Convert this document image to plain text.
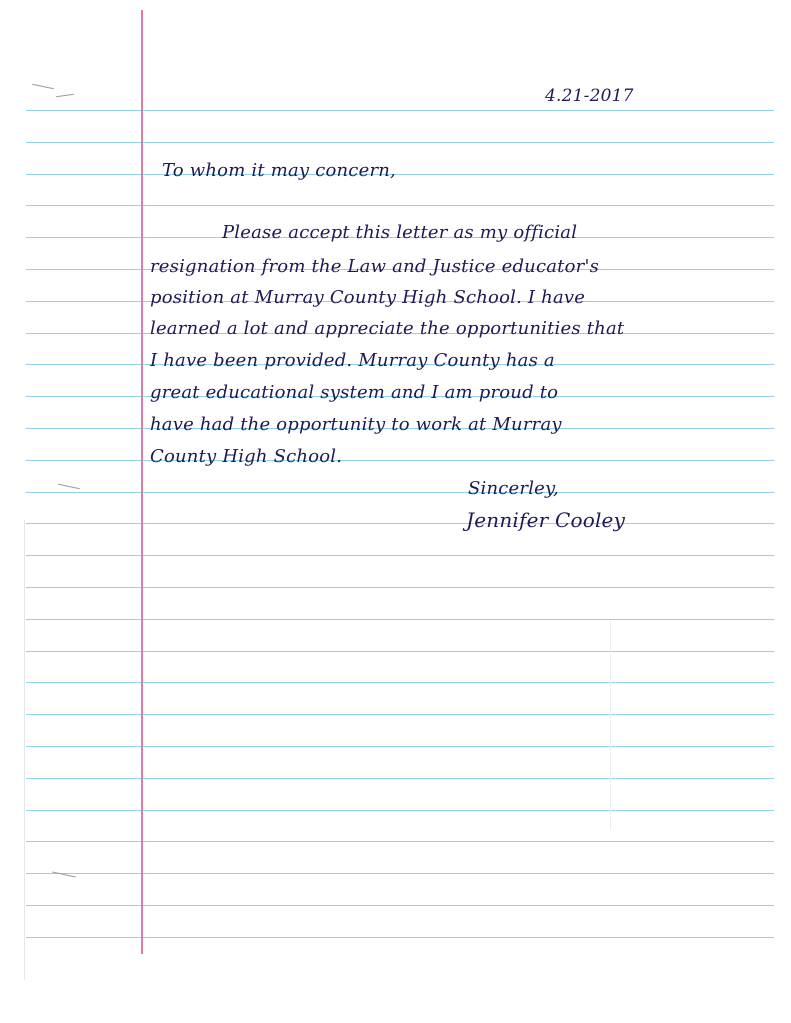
4.21-2017
To whom it may concern,
Please accept this letter as my official
resignation from the Law and Justice educator's
position at Murray County High School. I have
learned a lot and appreciate the opportunities that
I have been provided. Murray County has a
great educational system and I am proud to
have had the opportunity to work at Murray
County High School.
Sincerley,
Jennifer Cooley
